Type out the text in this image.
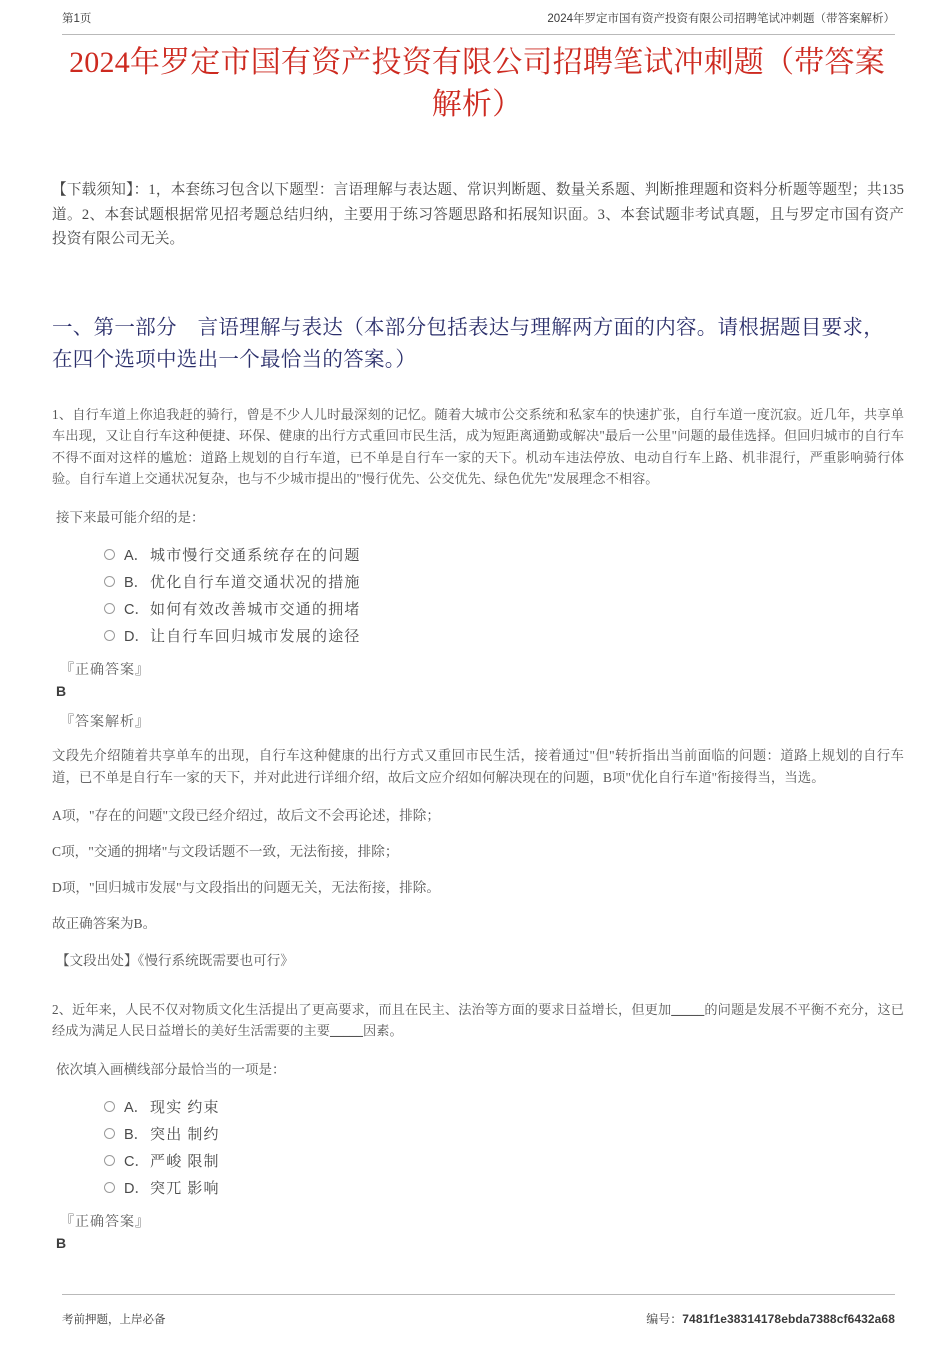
第1页	2024年罗定市国有资产投资有限公司招聘笔试冲刺题（带答案解析）
2024年罗定市国有资产投资有限公司招聘笔试冲刺题（带答案解析）
【下载须知】：1，本套练习包含以下题型：言语理解与表达题、常识判断题、数量关系题、判断推理题和资料分析题等题型；共135道。2、本套试题根据常见招考题总结归纳，主要用于练习答题思路和拓展知识面。3、本套试题非考试真题，且与罗定市国有资产投资有限公司无关。
一、第一部分　言语理解与表达（本部分包括表达与理解两方面的内容。请根据题目要求，在四个选项中选出一个最恰当的答案。）
1、自行车道上你追我赶的骑行，曾是不少人儿时最深刻的记忆。随着大城市公交系统和私家车的快速扩张，自行车道一度沉寂。近几年，共享单车出现，又让自行车这种便捷、环保、健康的出行方式重回市民生活，成为短距离通勤或解决"最后一公里"问题的最佳选择。但回归城市的自行车不得不面对这样的尴尬：道路上规划的自行车道，已不单是自行车一家的天下。机动车违法停放、电动自行车上路、机非混行，严重影响骑行体验。自行车道上交通状况复杂，也与不少城市提出的"慢行优先、公交优先、绿色优先"发展理念不相容。
接下来最可能介绍的是：
A． 城市慢行交通系统存在的问题
B． 优化自行车道交通状况的措施
C． 如何有效改善城市交通的拥堵
D． 让自行车回归城市发展的途径
『正确答案』
B
『答案解析』
文段先介绍随着共享单车的出现，自行车这种健康的出行方式又重回市民生活，接着通过"但"转折指出当前面临的问题：道路上规划的自行车道，已不单是自行车一家的天下，并对此进行详细介绍，故后文应介绍如何解决现在的问题，B项"优化自行车道"衔接得当，当选。
A项，"存在的问题"文段已经介绍过，故后文不会再论述，排除；
C项，"交通的拥堵"与文段话题不一致，无法衔接，排除；
D项，"回归城市发展"与文段指出的问题无关，无法衔接，排除。
故正确答案为B。
【文段出处】《慢行系统既需要也可行》
2、近年来，人民不仅对物质文化生活提出了更高要求，而且在民主、法治等方面的要求日益增长，但更加_____的问题是发展不平衡不充分，这已经成为满足人民日益增长的美好生活需要的主要_____因素。
依次填入画横线部分最恰当的一项是：
A． 现实 约束
B． 突出 制约
C． 严峻 限制
D． 突兀 影响
『正确答案』
B
考前押题，上岸必备	编号：7481f1e38314178ebda7388cf6432a68
